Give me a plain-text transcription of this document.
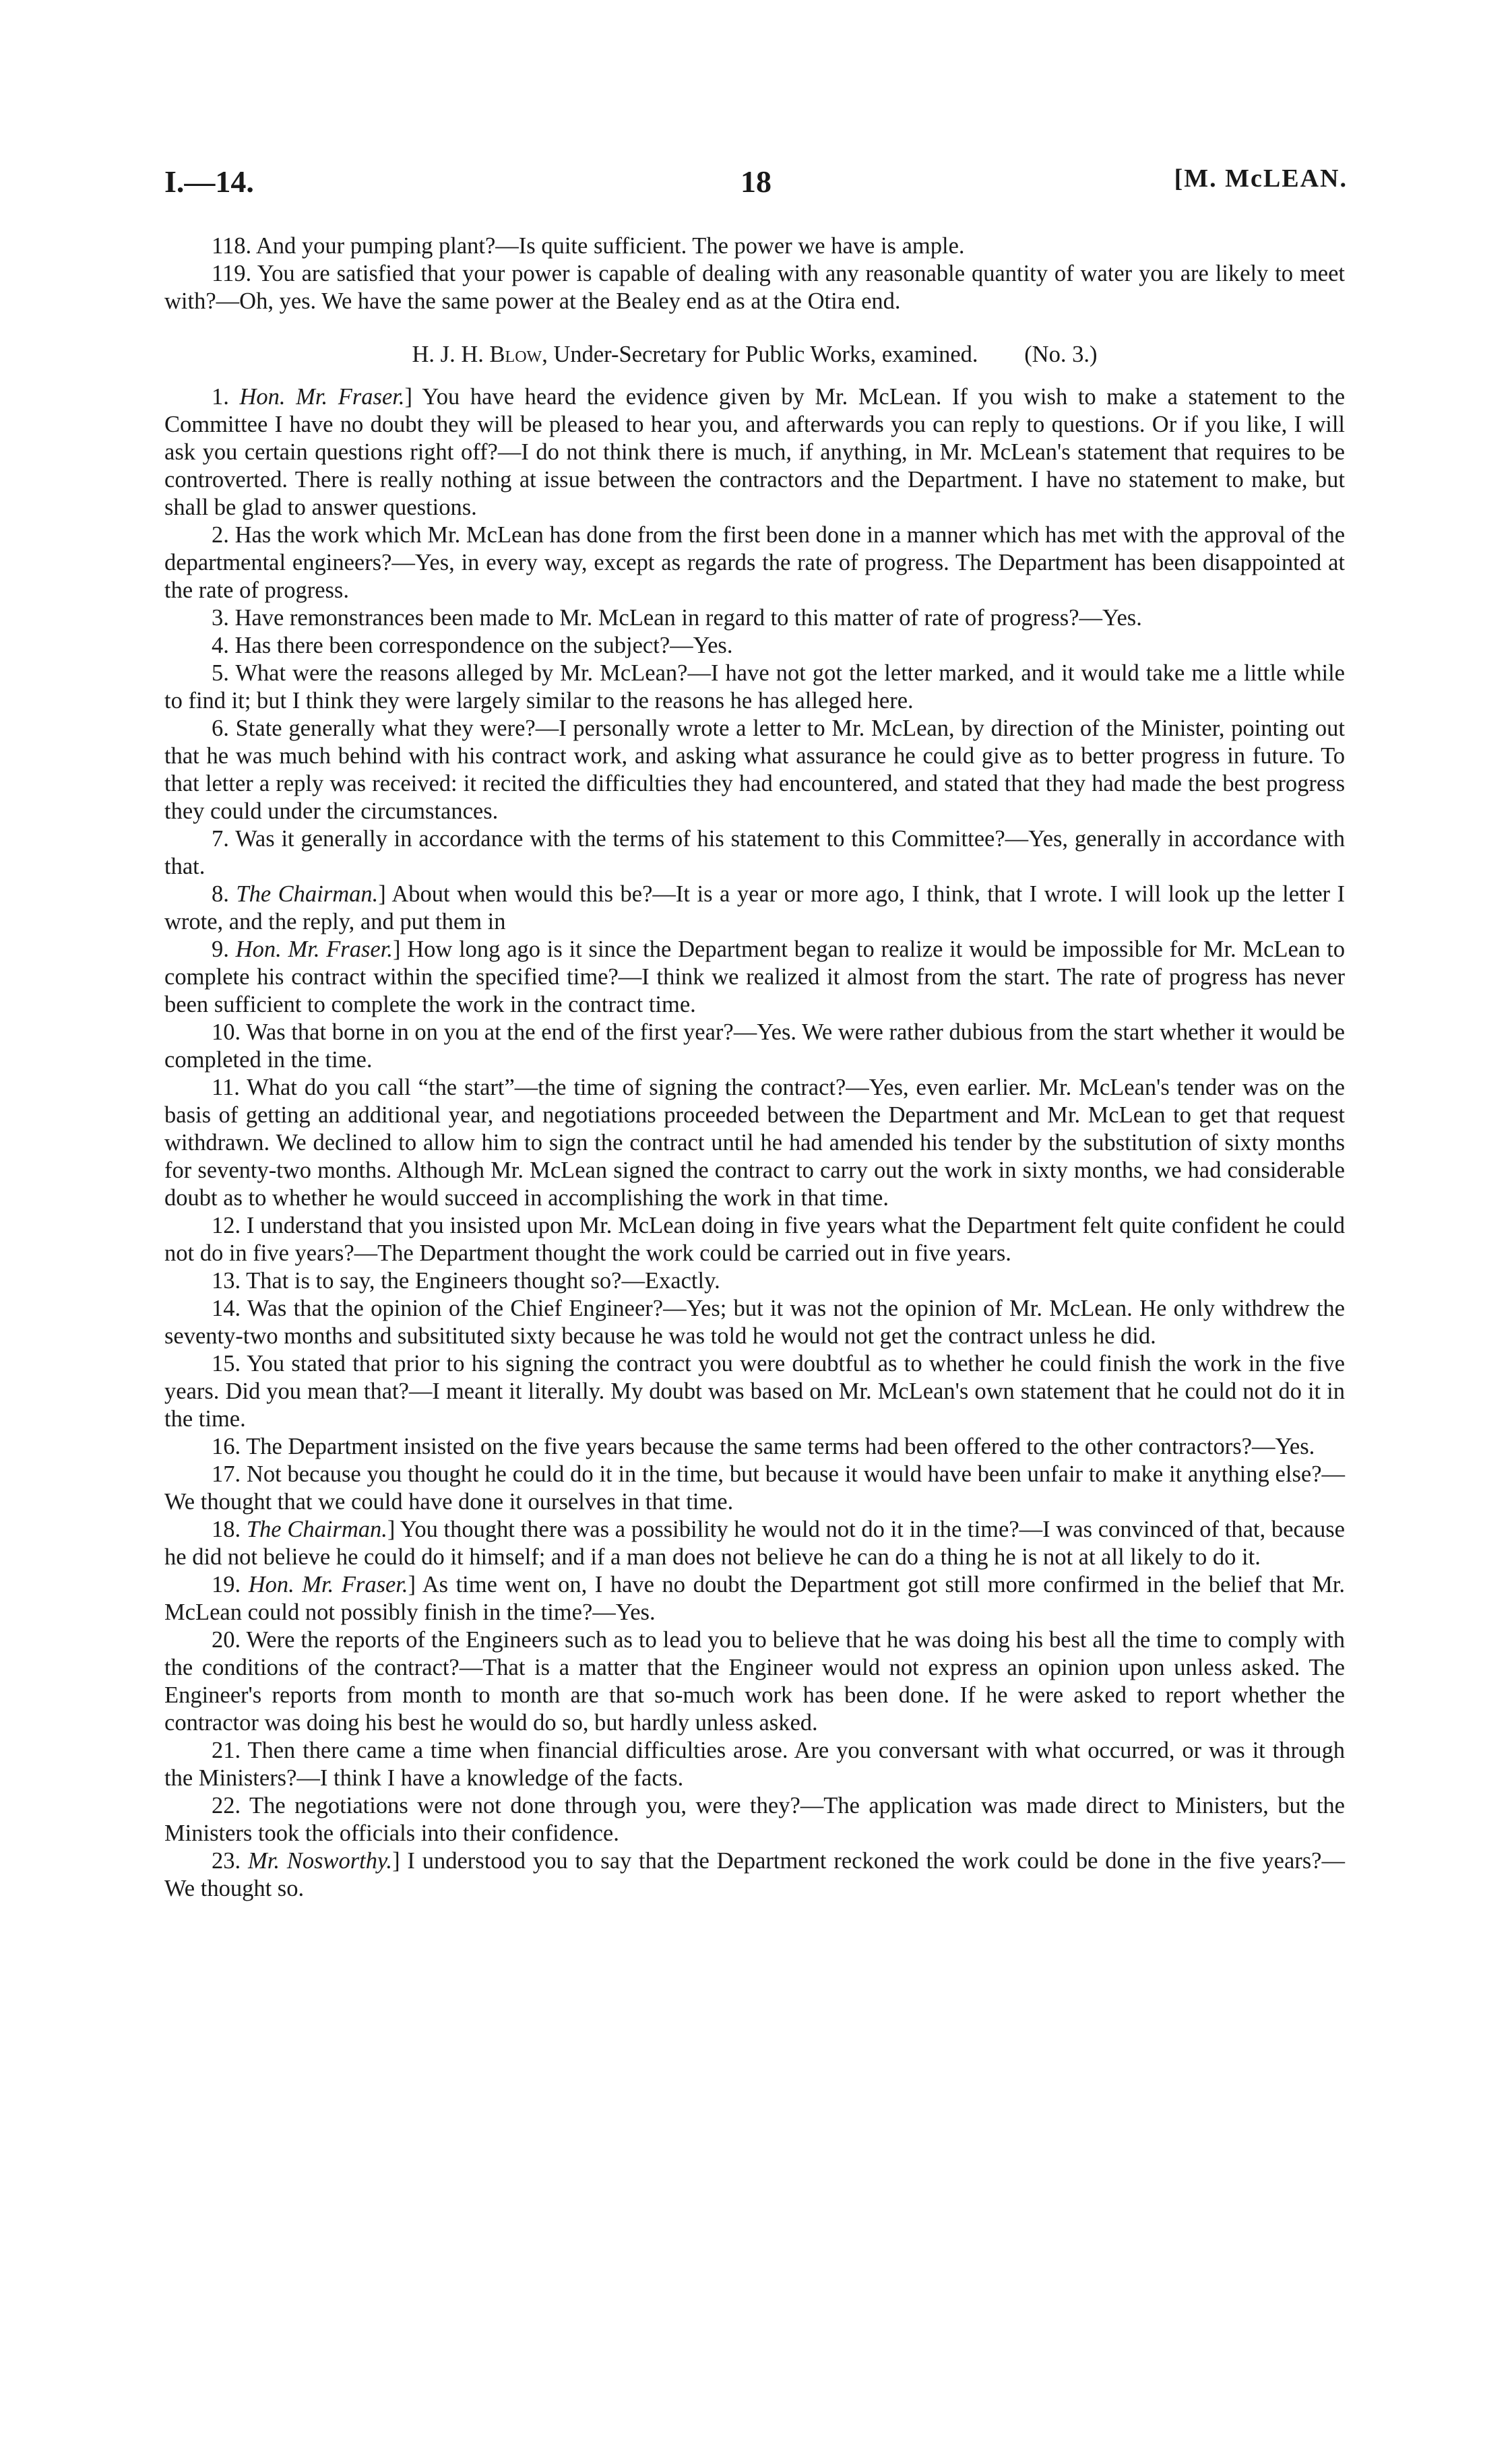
I.—14.	18	[M. McLEAN.

118. And your pumping plant?—Is quite sufficient. The power we have is ample.

119. You are satisfied that your power is capable of dealing with any reasonable quantity of water you are likely to meet with?—Oh, yes. We have the same power at the Bealey end as at the Otira end.

H. J. H. Blow, Under-Secretary for Public Works, examined. (No. 3.)

1. Hon. Mr. Fraser.] You have heard the evidence given by Mr. McLean. If you wish to make a statement to the Committee I have no doubt they will be pleased to hear you, and afterwards you can reply to questions. Or if you like, I will ask you certain questions right off?—I do not think there is much, if anything, in Mr. McLean's statement that requires to be controverted. There is really nothing at issue between the contractors and the Department. I have no statement to make, but shall be glad to answer questions.

2. Has the work which Mr. McLean has done from the first been done in a manner which has met with the approval of the departmental engineers?—Yes, in every way, except as regards the rate of progress. The Department has been disappointed at the rate of progress.

3. Have remonstrances been made to Mr. McLean in regard to this matter of rate of progress?—Yes.

4. Has there been correspondence on the subject?—Yes.

5. What were the reasons alleged by Mr. McLean?—I have not got the letter marked, and it would take me a little while to find it; but I think they were largely similar to the reasons he has alleged here.

6. State generally what they were?—I personally wrote a letter to Mr. McLean, by direction of the Minister, pointing out that he was much behind with his contract work, and asking what assurance he could give as to better progress in future. To that letter a reply was received: it recited the difficulties they had encountered, and stated that they had made the best progress they could under the circumstances.

7. Was it generally in accordance with the terms of his statement to this Committee?—Yes, generally in accordance with that.

8. The Chairman.] About when would this be?—It is a year or more ago, I think, that I wrote. I will look up the letter I wrote, and the reply, and put them in

9. Hon. Mr. Fraser.] How long ago is it since the Department began to realize it would be impossible for Mr. McLean to complete his contract within the specified time?—I think we realized it almost from the start. The rate of progress has never been sufficient to complete the work in the contract time.

10. Was that borne in on you at the end of the first year?—Yes. We were rather dubious from the start whether it would be completed in the time.

11. What do you call “the start”—the time of signing the contract?—Yes, even earlier. Mr. McLean's tender was on the basis of getting an additional year, and negotiations proceeded between the Department and Mr. McLean to get that request withdrawn. We declined to allow him to sign the contract until he had amended his tender by the substitution of sixty months for seventy-two months. Although Mr. McLean signed the contract to carry out the work in sixty months, we had considerable doubt as to whether he would succeed in accomplishing the work in that time.

12. I understand that you insisted upon Mr. McLean doing in five years what the Department felt quite confident he could not do in five years?—The Department thought the work could be carried out in five years.

13. That is to say, the Engineers thought so?—Exactly.

14. Was that the opinion of the Chief Engineer?—Yes; but it was not the opinion of Mr. McLean. He only withdrew the seventy-two months and subsitituted sixty because he was told he would not get the contract unless he did.

15. You stated that prior to his signing the contract you were doubtful as to whether he could finish the work in the five years. Did you mean that?—I meant it literally. My doubt was based on Mr. McLean's own statement that he could not do it in the time.

16. The Department insisted on the five years because the same terms had been offered to the other contractors?—Yes.

17. Not because you thought he could do it in the time, but because it would have been unfair to make it anything else?—We thought that we could have done it ourselves in that time.

18. The Chairman.] You thought there was a possibility he would not do it in the time?—I was convinced of that, because he did not believe he could do it himself; and if a man does not believe he can do a thing he is not at all likely to do it.

19. Hon. Mr. Fraser.] As time went on, I have no doubt the Department got still more confirmed in the belief that Mr. McLean could not possibly finish in the time?—Yes.

20. Were the reports of the Engineers such as to lead you to believe that he was doing his best all the time to comply with the conditions of the contract?—That is a matter that the Engineer would not express an opinion upon unless asked. The Engineer's reports from month to month are that so-much work has been done. If he were asked to report whether the contractor was doing his best he would do so, but hardly unless asked.

21. Then there came a time when financial difficulties arose. Are you conversant with what occurred, or was it through the Ministers?—I think I have a knowledge of the facts.

22. The negotiations were not done through you, were they?—The application was made direct to Ministers, but the Ministers took the officials into their confidence.

23. Mr. Nosworthy.] I understood you to say that the Department reckoned the work could be done in the five years?—We thought so.
